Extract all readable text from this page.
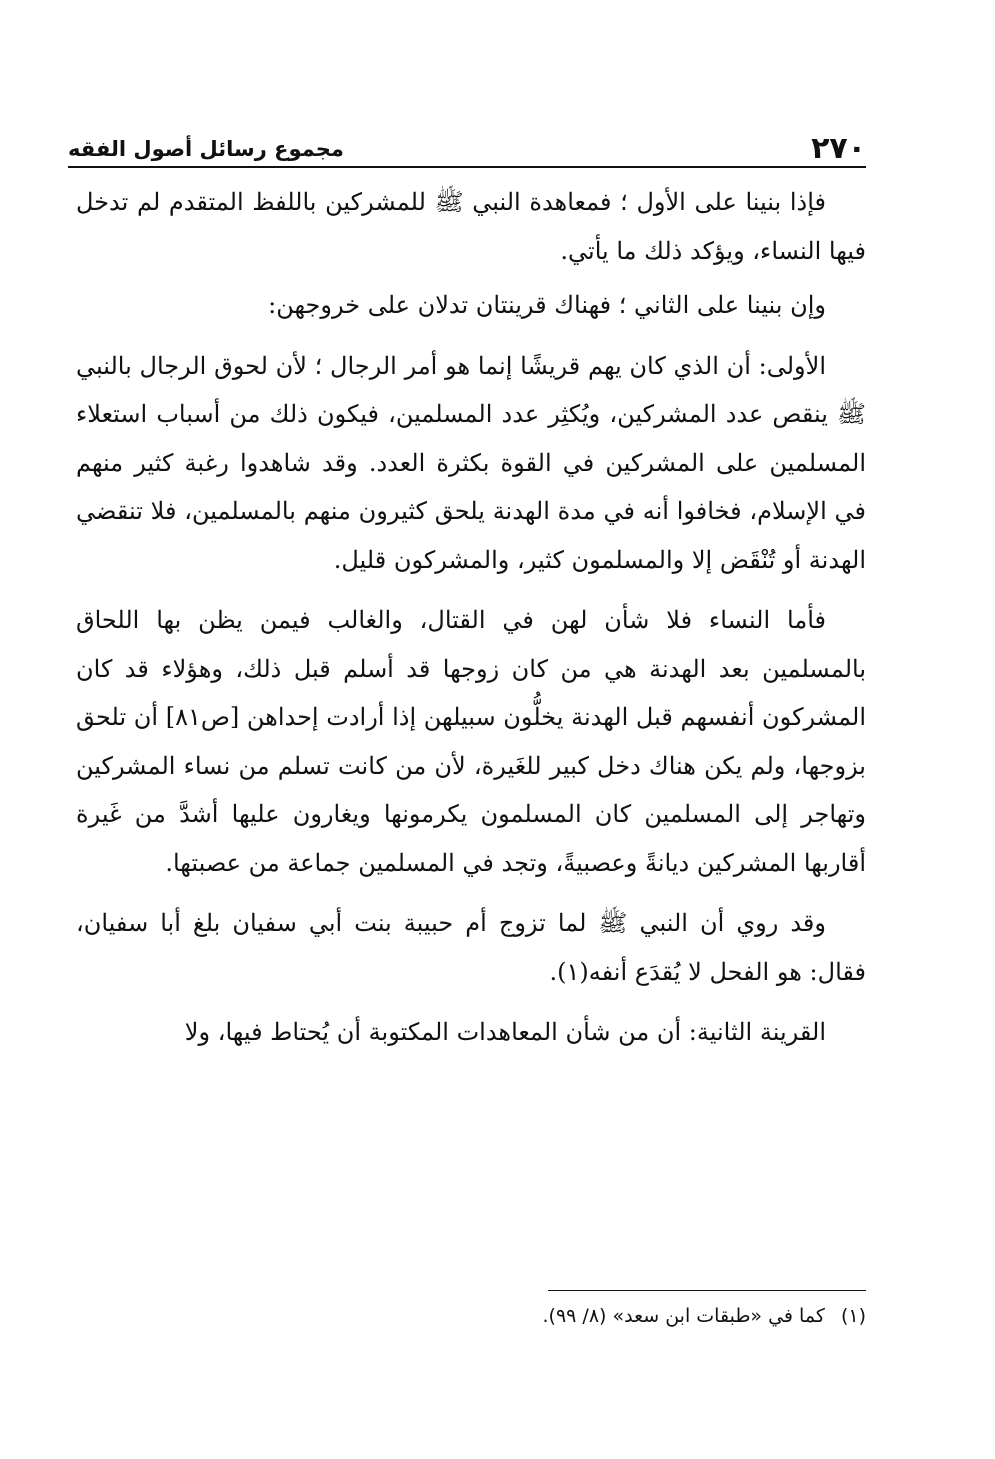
٢٧٠
مجموع رسائل أصول الفقه

فإذا بنينا على الأول ؛ فمعاهدة النبي ﷺ للمشركين باللفظ المتقدم لم تدخل فيها النساء، ويؤكد ذلك ما يأتي.

وإن بنينا على الثاني ؛ فهناك قرينتان تدلان على خروجهن:

الأولى: أن الذي كان يهم قريشًا إنما هو أمر الرجال ؛ لأن لحوق الرجال بالنبي ﷺ ينقص عدد المشركين، ويُكثِر عدد المسلمين، فيكون ذلك من أسباب استعلاء المسلمين على المشركين في القوة بكثرة العدد. وقد شاهدوا رغبة كثير منهم في الإسلام، فخافوا أنه في مدة الهدنة يلحق كثيرون منهم بالمسلمين، فلا تنقضي الهدنة أو تُنْقَض إلا والمسلمون كثير، والمشركون قليل.

فأما النساء فلا شأن لهن في القتال، والغالب فيمن يظن بها اللحاق بالمسلمين بعد الهدنة هي من كان زوجها قد أسلم قبل ذلك، وهؤلاء قد كان المشركون أنفسهم قبل الهدنة يخلُّون سبيلهن إذا أرادت إحداهن [ص٨١] أن تلحق بزوجها، ولم يكن هناك دخل كبير للغَيرة، لأن من كانت تسلم من نساء المشركين وتهاجر إلى المسلمين كان المسلمون يكرمونها ويغارون عليها أشدَّ من غَيرة أقاربها المشركين ديانةً وعصبيةً، وتجد في المسلمين جماعة من عصبتها.

وقد روي أن النبي ﷺ لما تزوج أم حبيبة بنت أبي سفيان بلغ أبا سفيان، فقال: هو الفحل لا يُقدَع أنفه(١).

القرينة الثانية: أن من شأن المعاهدات المكتوبة أن يُحتاط فيها، ولا

(١) كما في «طبقات ابن سعد» (٨/ ٩٩).
